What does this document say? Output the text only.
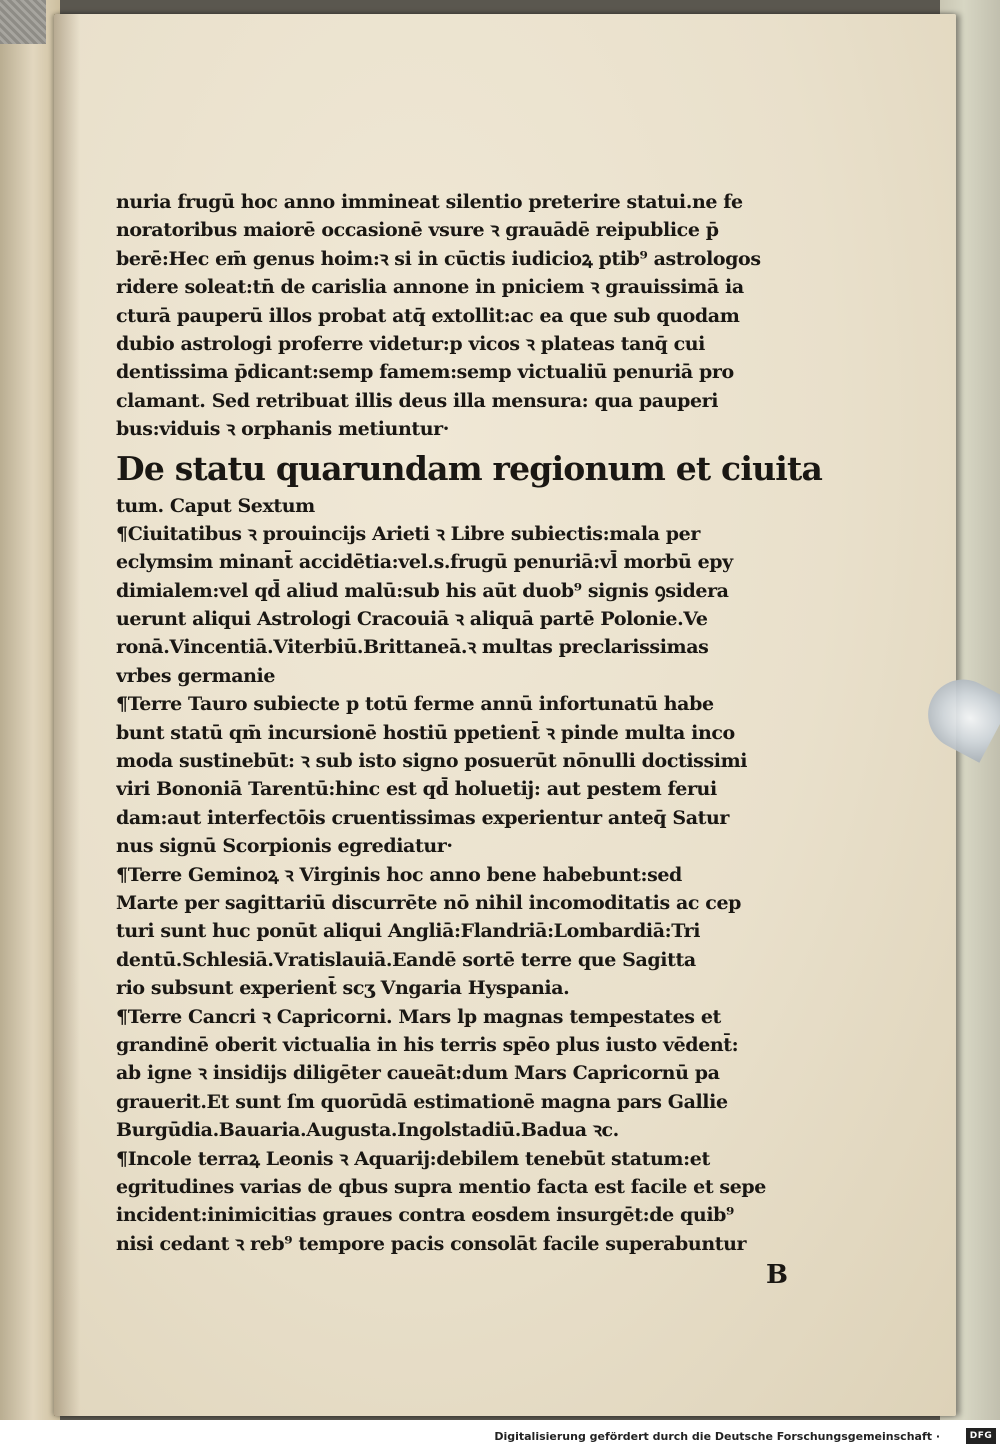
nuria frugū hoc anno immineat silentio preterire statui.ne fe
noratoribus maiorē occasionē vsure ꝛ grauādē reipublice p̄
berē:Hec em̄ genus hoim:ꝛ si in cūctis iudicioꝝ ptib⁹ astrologos
ridere soleat:tn̄ de carislia annone in pniciem ꝛ grauissimā ia
cturā pauperū illos probat atq̄ extollit:ac ea que sub quodam
dubio astrologi proferre videtur:p vicos ꝛ plateas tanq̄ cui
dentissima p̄dicant:semp famem:semp victualiū penuriā pro
clamant. Sed retribuat illis deus illa mensura: qua pauperi
bus:viduis ꝛ orphanis metiuntur·
De statu quarundam regionum et ciuita
tum. Caput Sextum
¶Ciuitatibus ꝛ prouincijs Arieti ꝛ Libre subiectis:mala per
eclymsim minant̄ accidētia:vel.s.frugū penuriā:vl̄ morbū epy
dimialem:vel qd̄ aliud malū:sub his aūt duob⁹ signis ꝯsidera
uerunt aliqui Astrologi Cracouiā ꝛ aliquā partē Polonie.Ve
ronā.Vincentiā.Viterbiū.Brittaneā.ꝛ multas preclarissimas
vrbes germanie
¶Terre Tauro subiecte p totū ferme annū infortunatū habe
bunt statū qm̄ incursionē hostiū ppetient̄ ꝛ pinde multa inco
moda sustinebūt: ꝛ sub isto signo posuerūt nōnulli doctissimi
viri Bononiā Tarentū:hinc est qd̄ holuetij: aut pestem ferui
dam:aut interfectōis cruentissimas experientur anteq̄ Satur
nus signū Scorpionis egrediatur·
¶Terre Geminoꝝ ꝛ Virginis hoc anno bene habebunt:sed
Marte per sagittariū discurrēte nō nihil incomoditatis ac cep
turi sunt huc ponūt aliqui Angliā:Flandriā:Lombardiā:Tri
dentū.Schlesiā.Vratislauiā.Eandē sortē terre que Sagitta
rio subsunt experient̄ scʒ Vngaria Hyspania.
¶Terre Cancri ꝛ Capricorni. Mars lp magnas tempestates et
grandinē oberit victualia in his terris spēo plus iusto vēdent̄:
ab igne ꝛ insidijs diligēter caueāt:dum Mars Capricornū pa
grauerit.Et sunt ſm quorūdā estimationē magna pars Gallie
Burgūdia.Bauaria.Augusta.Ingolstadiū.Badua ꝛc.
¶Incole terraꝝ Leonis ꝛ Aquarij:debilem tenebūt statum:et
egritudines varias de qbus supra mentio facta est facile et sepe
incident:inimicitias graues contra eosdem insurgēt:de quib⁹
nisi cedant ꝛ reb⁹ tempore pacis consolāt facile superabuntur
B
Digitalisierung gefördert durch die Deutsche Forschungsgemeinschaft ·	DFG
